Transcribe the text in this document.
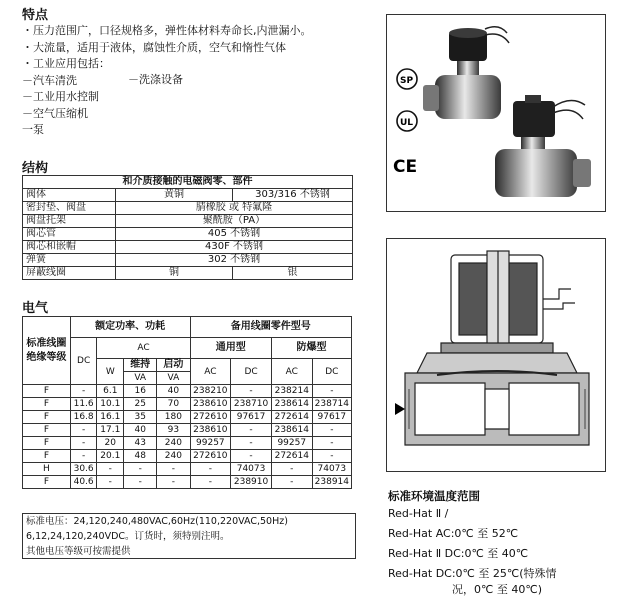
特点
・压力范围广，口径规格多，弹性体材料寿命长,内泄漏小。
・大流量，适用于液体，腐蚀性介质，空气和惰性气体
・工业应用包括：
－汽车清洗
－工业用水控制
－空气压缩机
一泵
－洗涤设备	SP
UL
CE
结构
和介质接触的电磁阀零、部件		
阀体	黄铜	303/316 不锈钢
密封垫、阀盘	腈橡胶 或 特氟隆	
阀盘托架	聚酰胺（PA）	
阀芯管	405 不锈钢	
阀芯和嵌帽	430F 不锈钢	
弹簧	302 不锈钢	
屏蔽线圈	铜	银
电气
标准线圈绝缘等级	额定功率、功耗				备用线圈零件型号			
	DC	AC			通用型		防爆型	
		W	维持	启动	AC	DC	AC	DC
			VA	VA				
F	-	6.1	16	40	238210	-	238214	-
F	11.6	10.1	25	70	238610	238710	238614	238714
F	16.8	16.1	35	180	272610	97617	272614	97617
F	-	17.1	40	93	238610	-	238614	-
F	-	20	43	240	99257	-	99257	-
F	-	20.1	48	240	272610	-	272614	-
H	30.6	-	-	-	-	74073	-	74073
F	40.6	-	-	-	-	238910	-	238914
标准电压：24,120,240,480VAC,60Hz(110,220VAC,50Hz)
6,12,24,120,240VDC。订货时，须特别注明。
其他电压等级可按需提供
标准环境温度范围
Red-Hat Ⅱ /
Red-Hat AC:0℃ 至 52℃
Red-Hat Ⅱ DC:0℃ 至 40℃
Red-Hat DC:0℃ 至 25℃(特殊情
况，0℃ 至 40℃)
